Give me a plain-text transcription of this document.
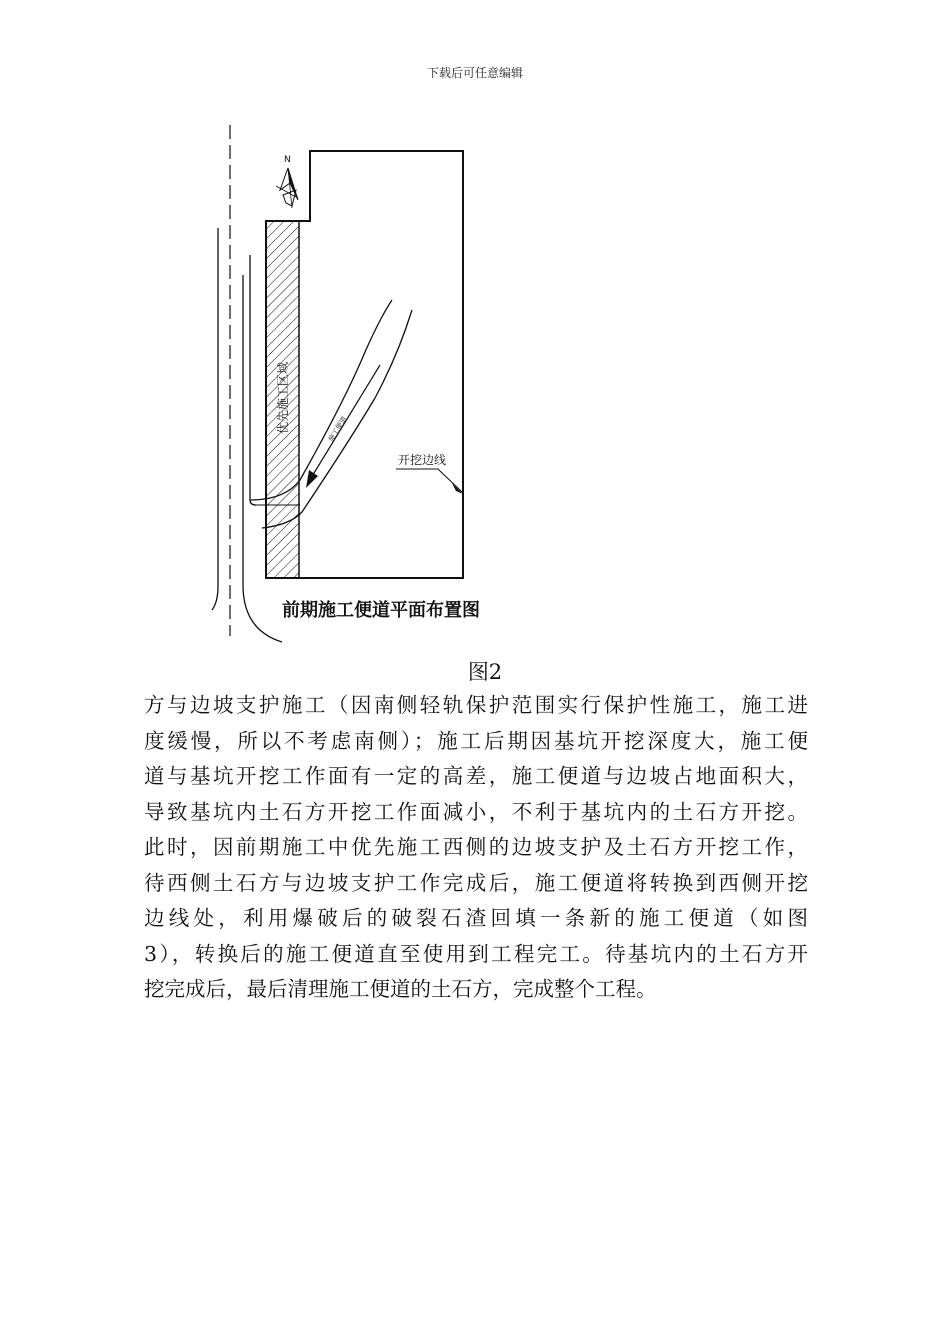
下载后可任意编辑
优先施工区域	施工便道
开挖边线
N
前期施工便道平面布置图
图2
方与边坡支护施工（因南侧轻轨保护范围实行保护性施工，施工进
度缓慢，所以不考虑南侧）；施工后期因基坑开挖深度大，施工便
道与基坑开挖工作面有一定的高差，施工便道与边坡占地面积大，
导致基坑内土石方开挖工作面减小，不利于基坑内的土石方开挖。
此时，因前期施工中优先施工西侧的边坡支护及土石方开挖工作，
待西侧土石方与边坡支护工作完成后，施工便道将转换到西侧开挖
边线处，利用爆破后的破裂石渣回填一条新的施工便道（如图
3），转换后的施工便道直至使用到工程完工。待基坑内的土石方开
挖完成后，最后清理施工便道的土石方，完成整个工程。
